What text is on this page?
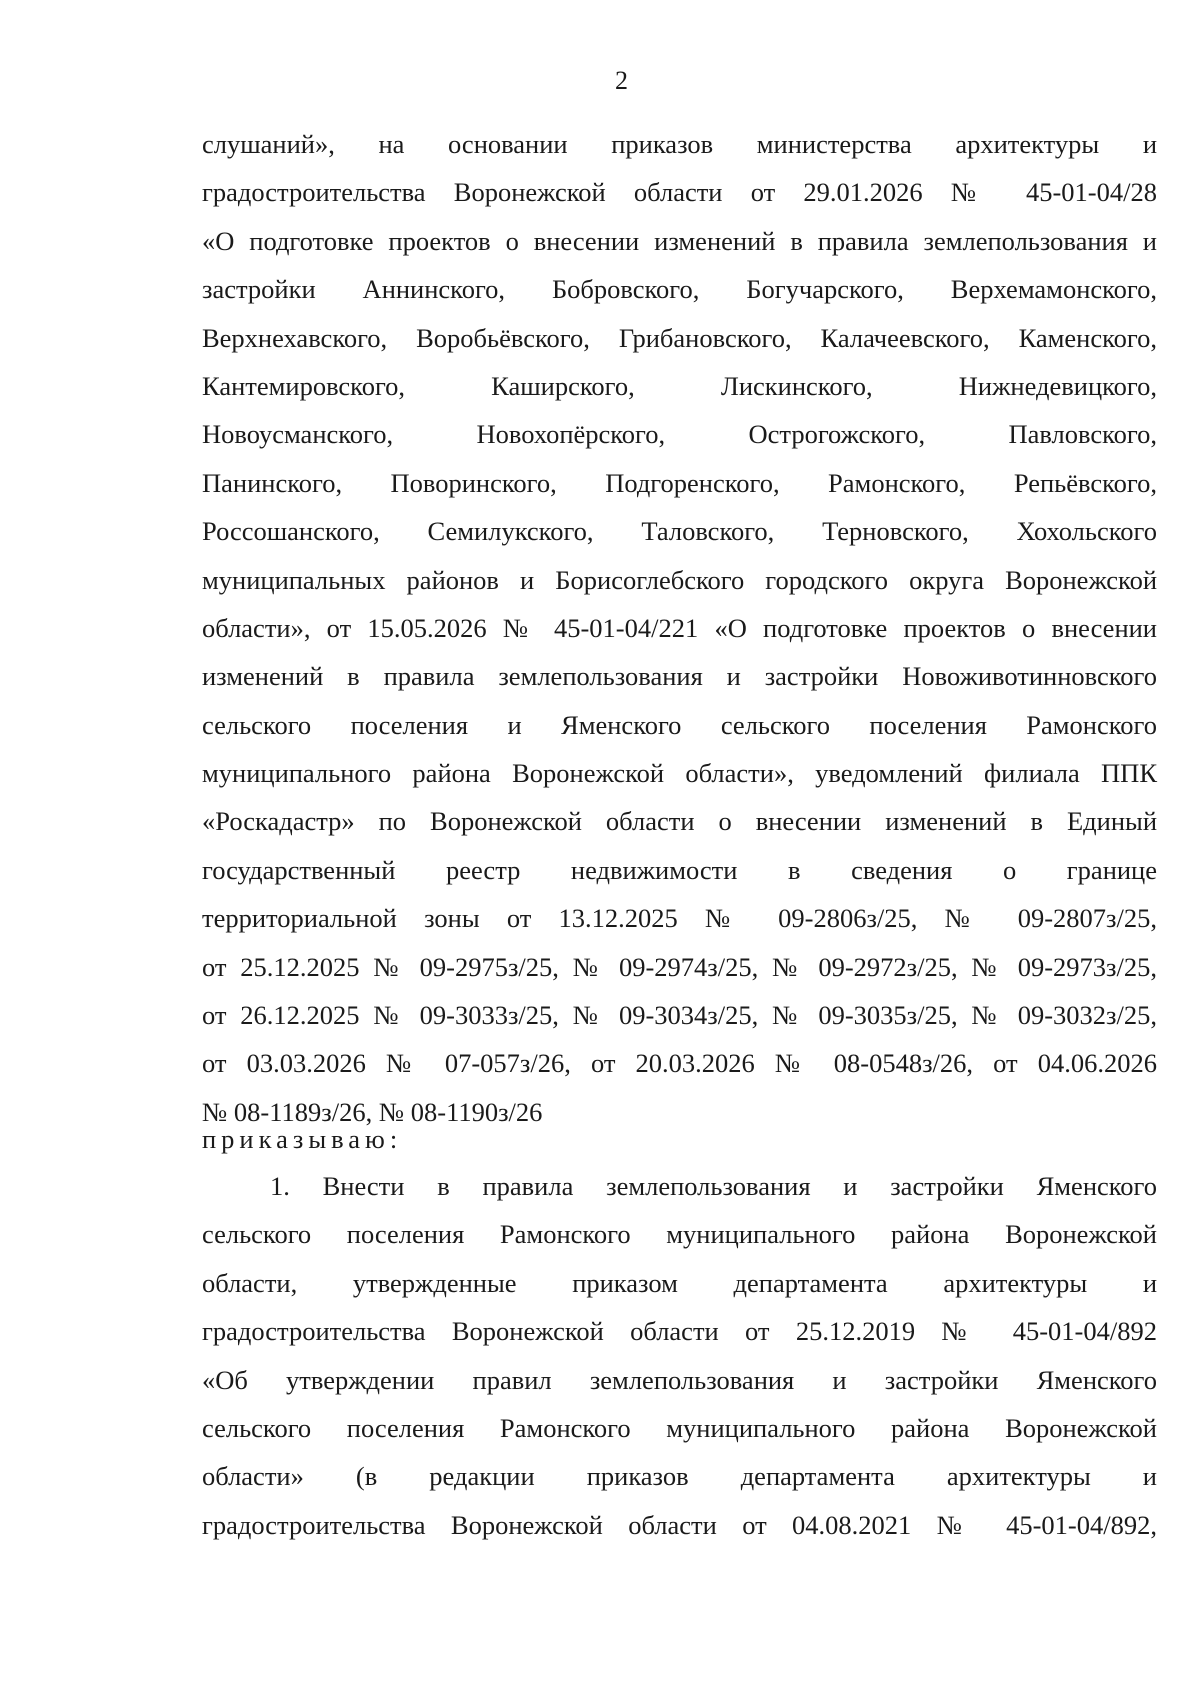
2
слушаний», на основании приказов министерства архитектуры и
градостроительства Воронежской области от 29.01.2026 № 45-01-04/28
«О подготовке проектов о внесении изменений в правила землепользования и
застройки Аннинского, Бобровского, Богучарского, Верхемамонского,
Верхнехавского, Воробьёвского, Грибановского, Калачеевского, Каменского,
Кантемировского, Каширского, Лискинского, Нижнедевицкого,
Новоусманского, Новохопёрского, Острогожского, Павловского,
Панинского, Поворинского, Подгоренского, Рамонского, Репьёвского,
Россошанского, Семилукского, Таловского, Терновского, Хохольского
муниципальных районов и Борисоглебского городского округа Воронежской
области», от 15.05.2026 № 45-01-04/221 «О подготовке проектов о внесении
изменений в правила землепользования и застройки Новоживотинновского
сельского поселения и Яменского сельского поселения Рамонского
муниципального района Воронежской области», уведомлений филиала ППК
«Роскадастр» по Воронежской области о внесении изменений в Единый
государственный реестр недвижимости в сведения о границе
территориальной зоны от 13.12.2025 № 09-2806з/25, № 09-2807з/25,
от 25.12.2025 № 09-2975з/25, № 09-2974з/25, № 09-2972з/25, № 09-2973з/25,
от 26.12.2025 № 09-3033з/25, № 09-3034з/25, № 09-3035з/25, № 09-3032з/25,
от 03.03.2026 № 07-057з/26, от 20.03.2026 № 08-0548з/26, от 04.06.2026
№ 08-1189з/26, № 08-1190з/26
приказываю:
1. Внести в правила землепользования и застройки Яменского
сельского поселения Рамонского муниципального района Воронежской
области, утвержденные приказом департамента архитектуры и
градостроительства Воронежской области от 25.12.2019 № 45-01-04/892
«Об утверждении правил землепользования и застройки Яменского
сельского поселения Рамонского муниципального района Воронежской
области» (в редакции приказов департамента архитектуры и
градостроительства Воронежской области от 04.08.2021 № 45-01-04/892,
